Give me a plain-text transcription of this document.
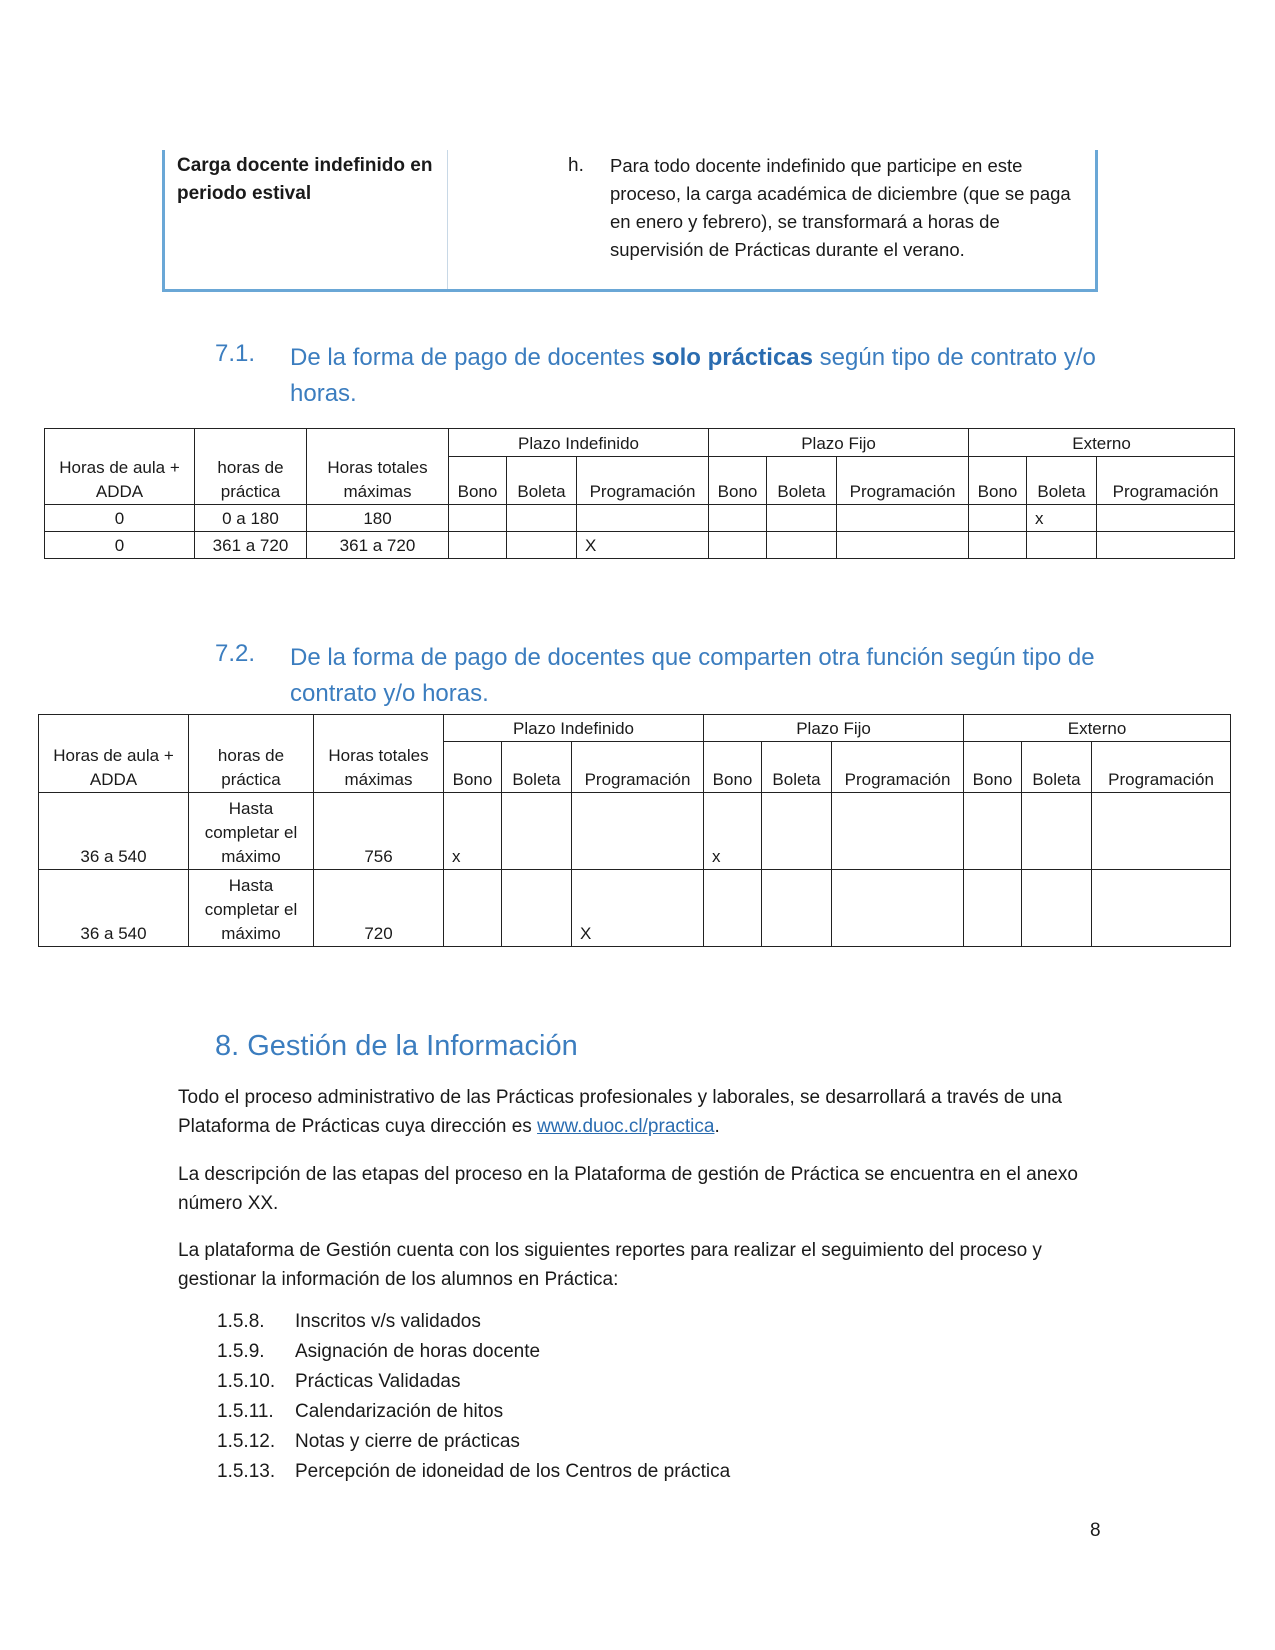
Carga docente indefinido en periodo estival
h. Para todo docente indefinido que participe en este proceso, la carga académica de diciembre (que se paga en enero y febrero), se transformará a horas de supervisión de Prácticas durante el verano.
7.1. De la forma de pago de docentes solo prácticas según tipo de contrato y/o horas.
Horas de aula + ADDA	horas de práctica	Horas totales máximas	Plazo Indefinido			Plazo Fijo			Externo		
			Bono	Boleta	Programación	Bono	Boleta	Programación	Bono	Boleta	Programación
0	0 a 180	180								x	
0	361 a 720	361 a 720			X						
7.2. De la forma de pago de docentes que comparten otra función según tipo de contrato y/o horas.
Horas de aula + ADDA	horas de práctica	Horas totales máximas	Plazo Indefinido			Plazo Fijo			Externo		
			Bono	Boleta	Programación	Bono	Boleta	Programación	Bono	Boleta	Programación
36 a 540	Hasta completar el máximo	756	x			x					
36 a 540	Hasta completar el máximo	720			X						
8. Gestión de la Información
Todo el proceso administrativo de las Prácticas profesionales y laborales, se desarrollará a través de una Plataforma de Prácticas cuya dirección es www.duoc.cl/practica.
La descripción de las etapas del proceso en la Plataforma de gestión de Práctica se encuentra en el anexo número XX.
La plataforma de Gestión cuenta con los siguientes reportes para realizar el seguimiento del proceso y gestionar la información de los alumnos en Práctica:
1.5.8.	Inscritos v/s validados
1.5.9.	Asignación de horas docente
1.5.10.	Prácticas Validadas
1.5.11.	Calendarización de hitos
1.5.12.	Notas y cierre de prácticas
1.5.13.	Percepción de idoneidad de los Centros de práctica
8
